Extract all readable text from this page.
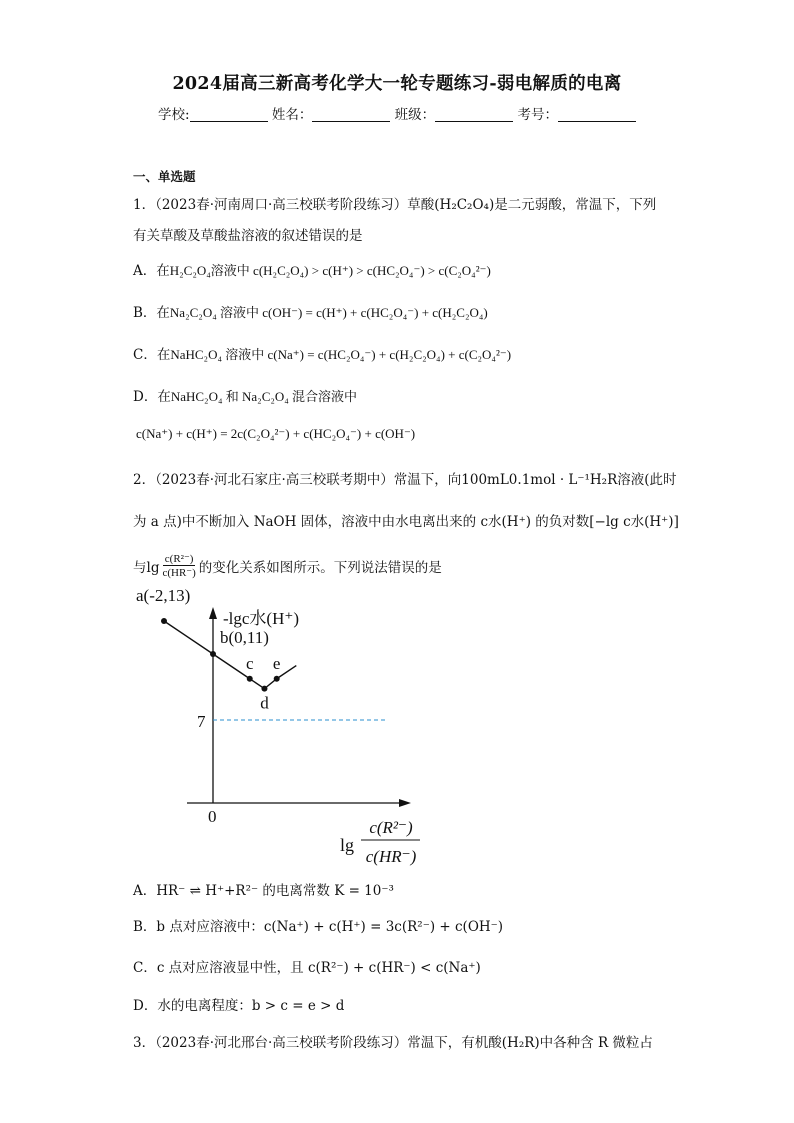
2024届高三新高考化学大一轮专题练习-弱电解质的电离
学校:	姓名：	班级：	考号：
一、单选题
1．（2023春·河南周口·高三校联考阶段练习）草酸(H₂C₂O₄)是二元弱酸，常温下，下列
有关草酸及草酸盐溶液的叙述错误的是
A．在H₂C₂O₄溶液中 c(H₂C₂O₄) > c(H⁺) > c(HC₂O₄⁻) > c(C₂O₄²⁻)
B．在Na₂C₂O₄ 溶液中 c(OH⁻) = c(H⁺) + c(HC₂O₄⁻) + c(H₂C₂O₄)
C．在NaHC₂O₄ 溶液中 c(Na⁺) = c(HC₂O₄⁻) + c(H₂C₂O₄) + c(C₂O₄²⁻)
D．在NaHC₂O₄ 和 Na₂C₂O₄ 混合溶液中
c(Na⁺) + c(H⁺) = 2c(C₂O₄²⁻) + c(HC₂O₄⁻) + c(OH⁻)
2．（2023春·河北石家庄·高三校联考期中）常温下，向100mL0.1mol · L⁻¹H₂R溶液(此时
为 a 点)中不断加入 NaOH 固体，溶液中由水电离出来的 c水(H⁺) 的负对数[−lg c水(H⁺)]
与lg
c(R²⁻)
c(HR⁻) 的变化关系如图所示。下列说法错误的是
a(-2,13)
b(0,11)
c
d
e
-lgc水(H⁺)
7
0
lg
c(R²⁻)
c(HR⁻)
A．HR⁻ ⇌ H⁺+R²⁻ 的电离常数 K = 10⁻³
B．b 点对应溶液中：c(Na⁺) + c(H⁺) = 3c(R²⁻) + c(OH⁻)
C．c 点对应溶液显中性，且 c(R²⁻) + c(HR⁻) < c(Na⁺)
D．水的电离程度：b > c = e > d
3．（2023春·河北邢台·高三校联考阶段练习）常温下，有机酸(H₂R)中各种含 R 微粒占
